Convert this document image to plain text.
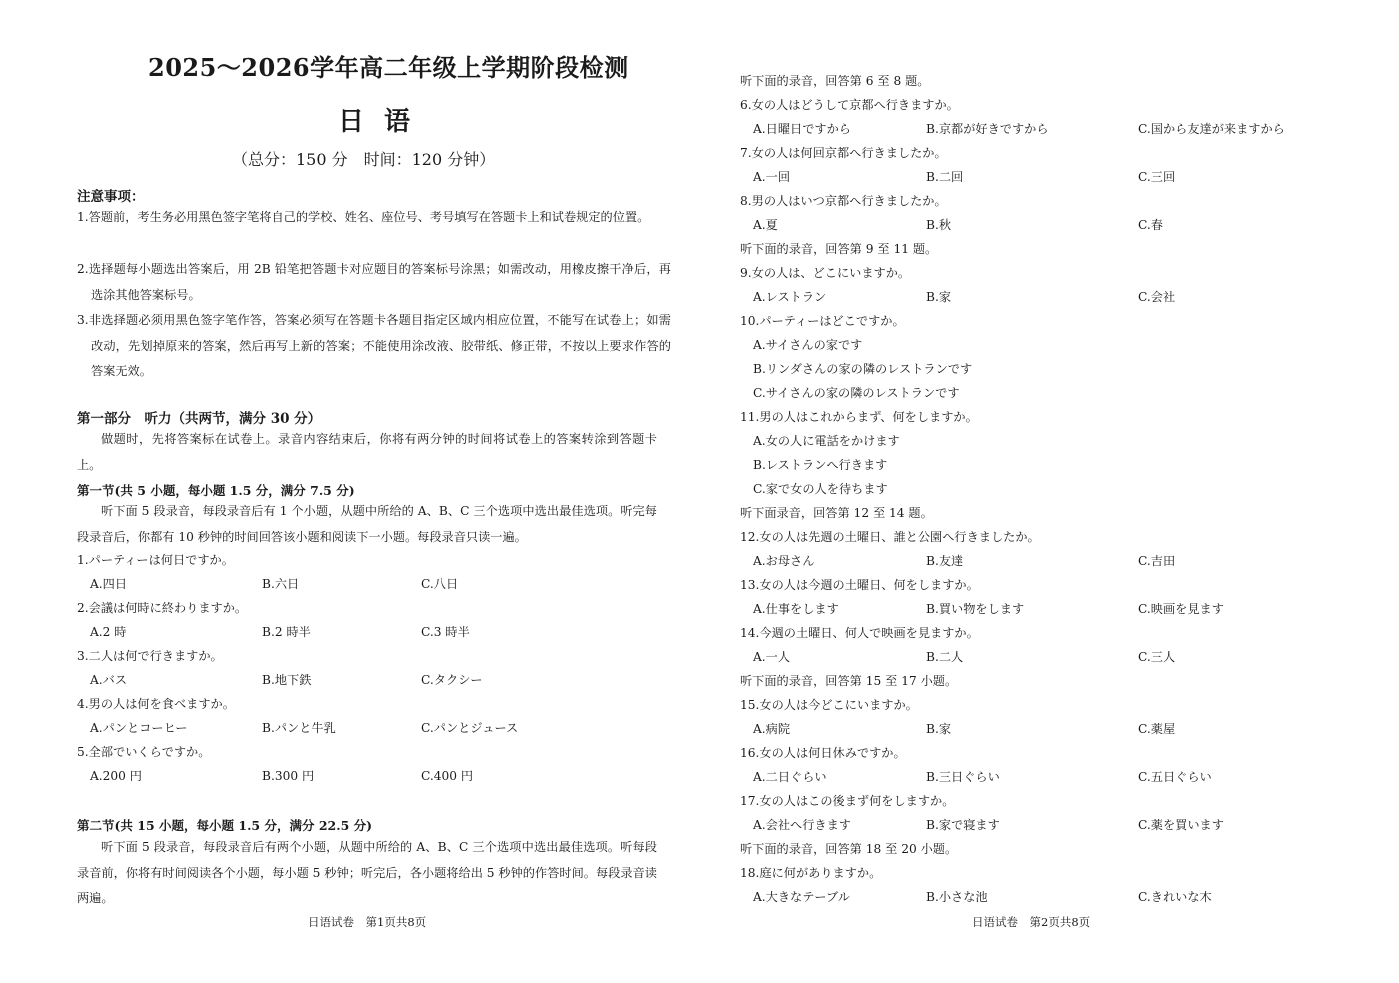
2025～2026学年高二年级上学期阶段检测
日语
（总分：150 分　时间：120 分钟）
注意事项：
1.答题前，考生务必用黑色签字笔将自己的学校、姓名、座位号、考号填写在答题卡上和试卷规定的位置。
2.选择题每小题选出答案后，用 2B 铅笔把答题卡对应题目的答案标号涂黑；如需改动，用橡皮擦干净后，再选涂其他答案标号。
3.非选择题必须用黑色签字笔作答，答案必须写在答题卡各题目指定区域内相应位置，不能写在试卷上；如需改动，先划掉原来的答案，然后再写上新的答案；不能使用涂改液、胶带纸、修正带，不按以上要求作答的答案无效。
第一部分　听力（共两节，满分 30 分）
做题时，先将答案标在试卷上。录音内容结束后，你将有两分钟的时间将试卷上的答案转涂到答题卡上。
第一节(共 5 小题，每小题 1.5 分，满分 7.5 分)
听下面 5 段录音，每段录音后有 1 个小题，从题中所给的 A、B、C 三个选项中选出最佳选项。听完每段录音后，你都有 10 秒钟的时间回答该小题和阅读下一小题。每段录音只读一遍。
1.パーティーは何日ですか。
A.四日	B.六日	C.八日
2.会議は何時に終わりますか。
A.2 時	B.2 時半	C.3 時半
3.二人は何で行きますか。
A.バス	B.地下鉄	C.タクシー
4.男の人は何を食べますか。
A.パンとコーヒー	B.パンと牛乳	C.パンとジュース
5.全部でいくらですか。
A.200 円	B.300 円	C.400 円
第二节(共 15 小题，每小题 1.5 分，满分 22.5 分)
听下面 5 段录音，每段录音后有两个小题，从题中所给的 A、B、C 三个选项中选出最佳选项。听每段录音前，你将有时间阅读各个小题，每小题 5 秒钟；听完后，各小题将给出 5 秒钟的作答时间。每段录音读两遍。
日语试卷　第1页共8页
听下面的录音，回答第 6 至 8 题。
6.女の人はどうして京都へ行きますか。
A.日曜日ですから	B.京都が好きですから	C.国から友達が来ますから
7.女の人は何回京都へ行きましたか。
A.一回	B.二回	C.三回
8.男の人はいつ京都へ行きましたか。
A.夏	B.秋	C.春
听下面的录音，回答第 9 至 11 题。
9.女の人は、どこにいますか。
A.レストラン	B.家	C.会社
10.パーティーはどこですか。
A.サイさんの家です
B.リンダさんの家の隣のレストランです
C.サイさんの家の隣のレストランです
11.男の人はこれからまず、何をしますか。
A.女の人に電話をかけます
B.レストランへ行きます
C.家で女の人を待ちます
听下面录音，回答第 12 至 14 题。
12.女の人は先週の土曜日、誰と公園へ行きましたか。
A.お母さん	B.友達	C.吉田
13.女の人は今週の土曜日、何をしますか。
A.仕事をします	B.買い物をします	C.映画を見ます
14.今週の土曜日、何人で映画を見ますか。
A.一人	B.二人	C.三人
听下面的录音，回答第 15 至 17 小题。
15.女の人は今どこにいますか。
A.病院	B.家	C.薬屋
16.女の人は何日休みですか。
A.二日ぐらい	B.三日ぐらい	C.五日ぐらい
17.女の人はこの後まず何をしますか。
A.会社へ行きます	B.家で寝ます	C.薬を買います
听下面的录音，回答第 18 至 20 小题。
18.庭に何がありますか。
A.大きなテーブル	B.小さな池	C.きれいな木
日语试卷　第2页共8页
